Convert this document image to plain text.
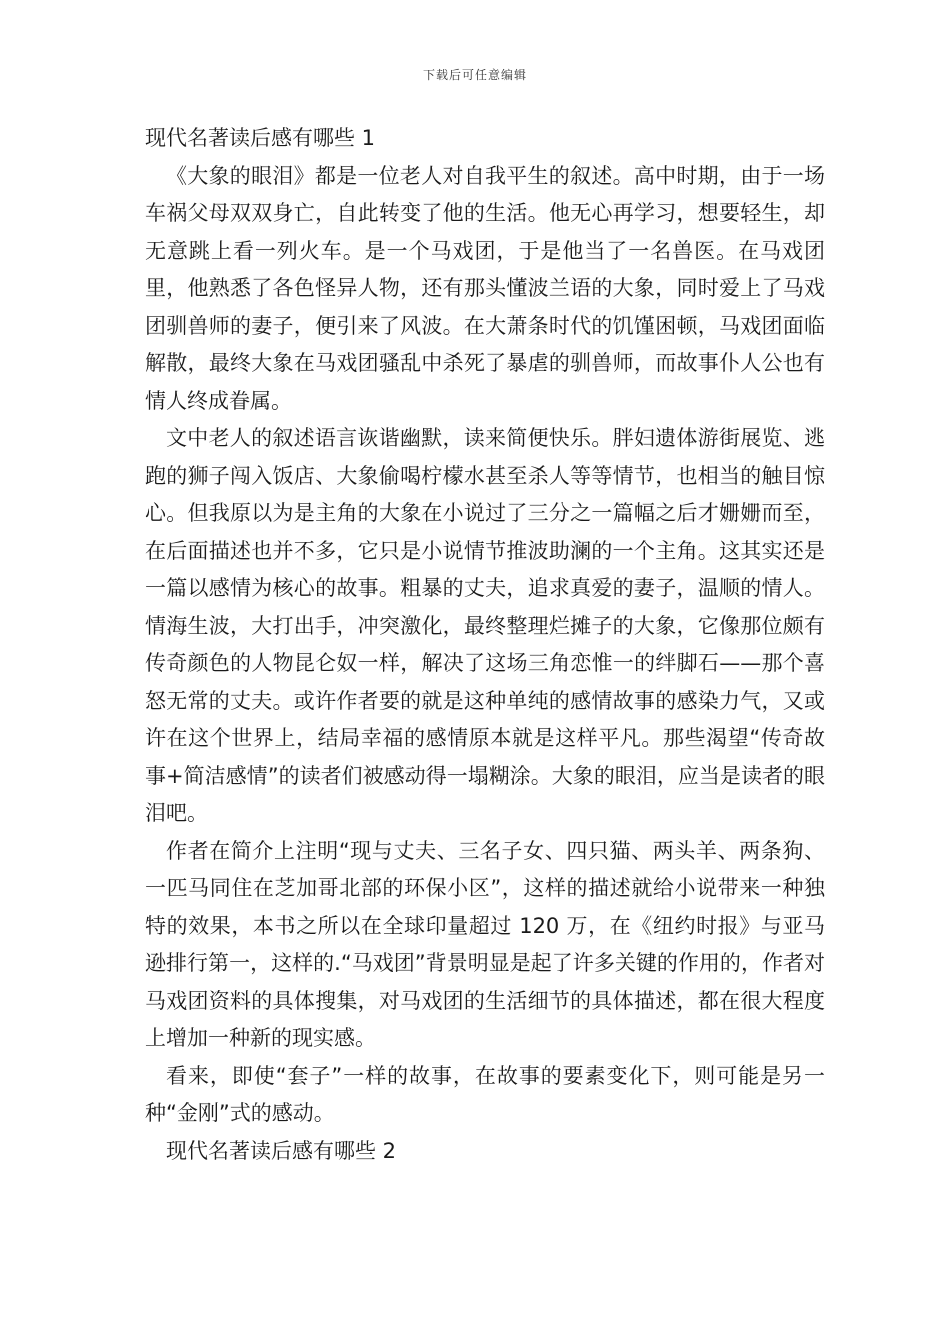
下载后可任意编辑

现代名著读后感有哪些 1

《大象的眼泪》都是一位老人对自我平生的叙述。高中时期，由于一场车祸父母双双身亡，自此转变了他的生活。他无心再学习，想要轻生，却无意跳上看一列火车。是一个马戏团，于是他当了一名兽医。在马戏团里，他熟悉了各色怪异人物，还有那头懂波兰语的大象，同时爱上了马戏团驯兽师的妻子，便引来了风波。在大萧条时代的饥馑困顿，马戏团面临解散，最终大象在马戏团骚乱中杀死了暴虐的驯兽师，而故事仆人公也有情人终成眷属。

文中老人的叙述语言诙谐幽默，读来简便快乐。胖妇遗体游街展览、逃跑的狮子闯入饭店、大象偷喝柠檬水甚至杀人等等情节，也相当的触目惊心。但我原以为是主角的大象在小说过了三分之一篇幅之后才姗姗而至，在后面描述也并不多，它只是小说情节推波助澜的一个主角。这其实还是一篇以感情为核心的故事。粗暴的丈夫，追求真爱的妻子，温顺的情人。情海生波，大打出手，冲突激化，最终整理烂摊子的大象，它像那位颇有传奇颜色的人物昆仑奴一样，解决了这场三角恋惟一的绊脚石——那个喜怒无常的丈夫。或许作者要的就是这种单纯的感情故事的感染力气，又或许在这个世界上，结局幸福的感情原本就是这样平凡。那些渴望“传奇故事+简洁感情”的读者们被感动得一塌糊涂。大象的眼泪，应当是读者的眼泪吧。

作者在简介上注明“现与丈夫、三名子女、四只猫、两头羊、两条狗、一匹马同住在芝加哥北部的环保小区”，这样的描述就给小说带来一种独特的效果，本书之所以在全球印量超过 120 万，在《纽约时报》与亚马逊排行第一，这样的.“马戏团”背景明显是起了许多关键的作用的，作者对马戏团资料的具体搜集，对马戏团的生活细节的具体描述，都在很大程度上增加一种新的现实感。

看来，即使“套子”一样的故事，在故事的要素变化下，则可能是另一种“金刚”式的感动。

现代名著读后感有哪些 2
